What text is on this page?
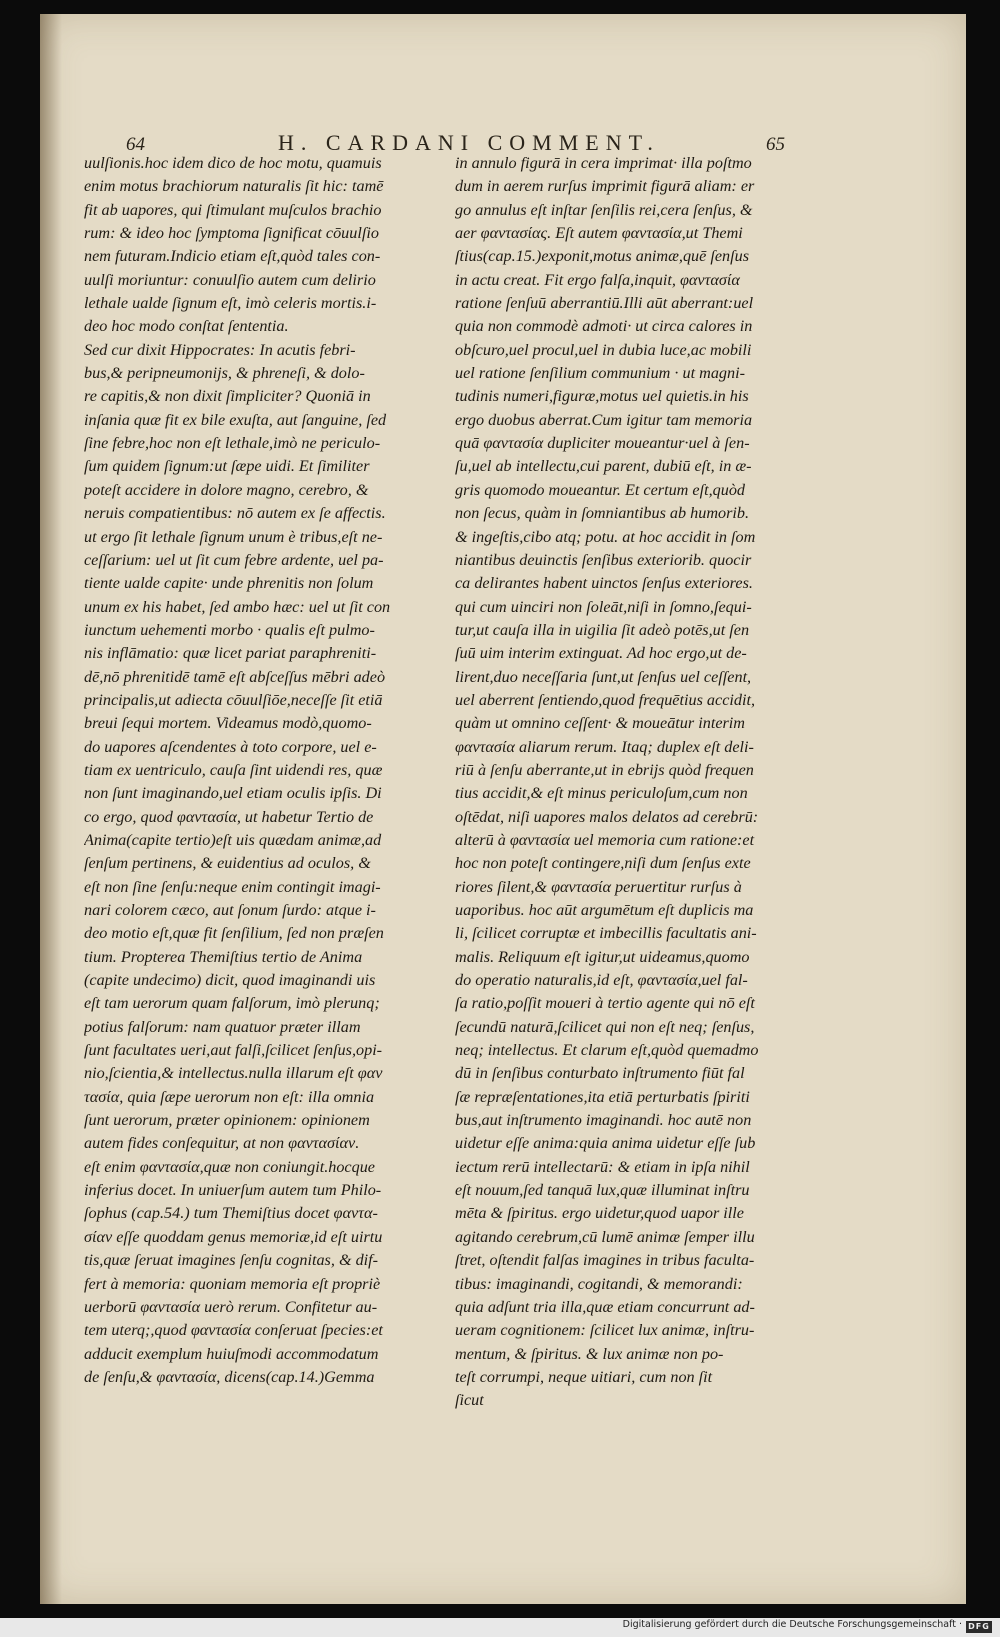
64	H. CARDANI COMMENT.	65
uulſionis.hoc idem dico de hoc motu, quamuis
enim motus brachiorum naturalis ſit hic: tamē
fit ab uapores, qui ſtimulant muſculos brachio
rum: & ideo hoc ſymptoma ſignificat cōuulſio
nem futuram.Indicio etiam eſt,quòd tales con-
uulſi moriuntur: conuulſio autem cum delirio
lethale ualde ſignum eſt, imò celeris mortis.i-
deo hoc modo conſtat ſententia.
Sed cur dixit Hippocrates: In acutis febri-
bus,& peripneumonijs, & phreneſi, & dolo-
re capitis,& non dixit ſimpliciter? Quoniā in
inſania quæ fit ex bile exuſta, aut ſanguine, ſed
ſine febre,hoc non eſt lethale,imò ne periculo-
ſum quidem ſignum:ut ſæpe uidi. Et ſimiliter
poteſt accidere in dolore magno, cerebro, &
neruis compatientibus: nō autem ex ſe affectis.
ut ergo ſit lethale ſignum unum è tribus,eſt ne-
ceſſarium: uel ut ſit cum febre ardente, uel pa-
tiente ualde capite· unde phrenitis non ſolum
unum ex his habet, ſed ambo hæc: uel ut ſit con
iunctum uehementi morbo · qualis eſt pulmo-
nis inflāmatio: quæ licet pariat paraphreniti-
dē,nō phrenitidē tamē eſt abſceſſus mēbri adeò
principalis,ut adiecta cōuulſiōe,neceſſe ſit etiā
breui ſequi mortem. Videamus modò,quomo-
do uapores aſcendentes à toto corpore, uel e-
tiam ex uentriculo, cauſa ſint uidendi res, quæ
non ſunt imaginando,uel etiam oculis ipſis. Di
co ergo, quod φαντασία, ut habetur Tertio de
Anima(capite tertio)eſt uis quædam animæ,ad
ſenſum pertinens, & euidentius ad oculos, &
eſt non ſine ſenſu:neque enim contingit imagi-
nari colorem cæco, aut ſonum ſurdo: atque i-
deo motio eſt,quæ fit ſenſilium, ſed non præſen
tium. Propterea Themiſtius tertio de Anima
(capite undecimo) dicit, quod imaginandi uis
eſt tam uerorum quam falſorum, imò plerunq;
potius falſorum: nam quatuor præter illam
ſunt facultates ueri,aut falſi,ſcilicet ſenſus,opi-
nio,ſcientia,& intellectus.nulla illarum eſt φαν
τασία, quia ſæpe uerorum non eſt: illa omnia
ſunt uerorum, præter opinionem: opinionem
autem fides conſequitur, at non φαντασίαν.
eſt enim φαντασία,quæ non coniungit.hocque
inferius docet. In uniuerſum autem tum Philo-
ſophus (cap.54.) tum Themiſtius docet φαντα-
σίαν eſſe quoddam genus memoriæ,id eſt uirtu
tis,quæ ſeruat imagines ſenſu cognitas, & dif-
fert à memoria: quoniam memoria eſt propriè
uerborū φαντασία uerò rerum. Confitetur au-
tem uterq;,quod φαντασία conſeruat ſpecies:et
adducit exemplum huiuſmodi accommodatum
de ſenſu,& φαντασία, dicens(cap.14.)Gemma
in annulo figurā in cera imprimat· illa poſtmo
dum in aerem rurſus imprimit figurā aliam: er
go annulus eſt inſtar ſenſilis rei,cera ſenſus, &
aer φαντασίας. Eſt autem φαντασία,ut Themi
ſtius(cap.15.)exponit,motus animæ,quē ſenſus
in actu creat. Fit ergo falſa,inquit, φαντασία
ratione ſenſuū aberrantiū.Illi aūt aberrant:uel
quia non commodè admoti· ut circa calores in
obſcuro,uel procul,uel in dubia luce,ac mobili
uel ratione ſenſilium communium · ut magni-
tudinis numeri,figuræ,motus uel quietis.in his
ergo duobus aberrat.Cum igitur tam memoria
quā φαντασία dupliciter moueantur·uel à ſen-
ſu,uel ab intellectu,cui parent, dubiū eſt, in æ-
gris quomodo moueantur. Et certum eſt,quòd
non ſecus, quàm in ſomniantibus ab humorib.
& ingeſtis,cibo atq; potu. at hoc accidit in ſom
niantibus deuinctis ſenſibus exteriorib. quocir
ca delirantes habent uinctos ſenſus exteriores.
qui cum uinciri non ſoleāt,niſi in ſomno,ſequi-
tur,ut cauſa illa in uigilia ſit adeò potēs,ut ſen
ſuū uim interim extinguat. Ad hoc ergo,ut de-
lirent,duo neceſſaria ſunt,ut ſenſus uel ceſſent,
uel aberrent ſentiendo,quod frequētius accidit,
quàm ut omnino ceſſent· & moueātur interim
φαντασία aliarum rerum. Itaq; duplex eſt deli-
riū à ſenſu aberrante,ut in ebrijs quòd frequen
tius accidit,& eſt minus periculoſum,cum non
oſtēdat, niſi uapores malos delatos ad cerebrū:
alterū à φαντασία uel memoria cum ratione:et
hoc non poteſt contingere,niſi dum ſenſus exte
riores ſilent,& φαντασία peruertitur rurſus à
uaporibus. hoc aūt argumētum eſt duplicis ma
li, ſcilicet corruptæ et imbecillis facultatis ani-
malis. Reliquum eſt igitur,ut uideamus,quomo
do operatio naturalis,id eſt, φαντασία,uel fal-
ſa ratio,poſſit moueri à tertio agente qui nō eſt
ſecundū naturā,ſcilicet qui non eſt neq; ſenſus,
neq; intellectus. Et clarum eſt,quòd quemadmo
dū in ſenſibus conturbato inſtrumento fiūt fal
ſæ repræſentationes,ita etiā perturbatis ſpiriti
bus,aut inſtrumento imaginandi. hoc autē non
uidetur eſſe anima:quia anima uidetur eſſe ſub
iectum rerū intellectarū: & etiam in ipſa nihil
eſt nouum,ſed tanquā lux,quæ illuminat inſtru
mēta & ſpiritus. ergo uidetur,quod uapor ille
agitando cerebrum,cū lumē animæ ſemper illu
ſtret, oſtendit falſas imagines in tribus faculta-
tibus: imaginandi, cogitandi, & memorandi:
quia adſunt tria illa,quæ etiam concurrunt ad-
ueram cognitionem: ſcilicet lux animæ, inſtru-
mentum, & ſpiritus. & lux animæ non po-
teſt corrumpi, neque uitiari, cum non ſit
ſicut
Digitalisierung gefördert durch die Deutsche Forschungsgemeinschaft · DFG
